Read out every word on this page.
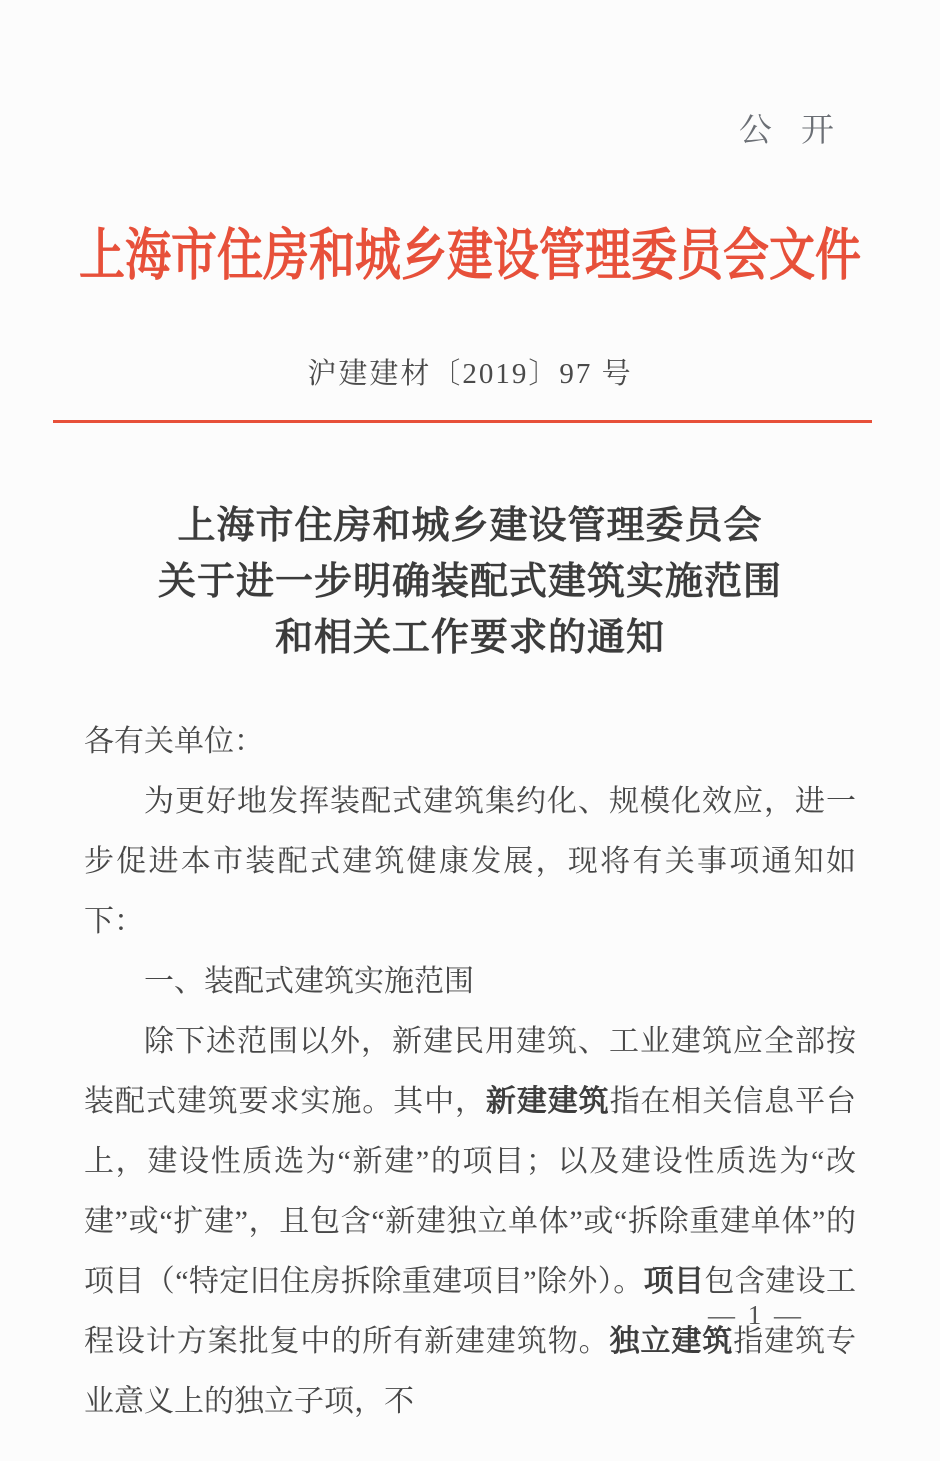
公 开
上海市住房和城乡建设管理委员会文件
沪建建材〔2019〕97 号
上海市住房和城乡建设管理委员会
关于进一步明确装配式建筑实施范围
和相关工作要求的通知

各有关单位：

为更好地发挥装配式建筑集约化、规模化效应，进一步促进本市装配式建筑健康发展，现将有关事项通知如下：

一、装配式建筑实施范围

除下述范围以外，新建民用建筑、工业建筑应全部按装配式建筑要求实施。其中，新建建筑指在相关信息平台上，建设性质选为“新建”的项目；以及建设性质选为“改建”或“扩建”，且包含“新建独立单体”或“拆除重建单体”的项目（“特定旧住房拆除重建项目”除外）。项目包含建设工程设计方案批复中的所有新建建筑物。独立建筑指建筑专业意义上的独立子项，不

— 1 —
